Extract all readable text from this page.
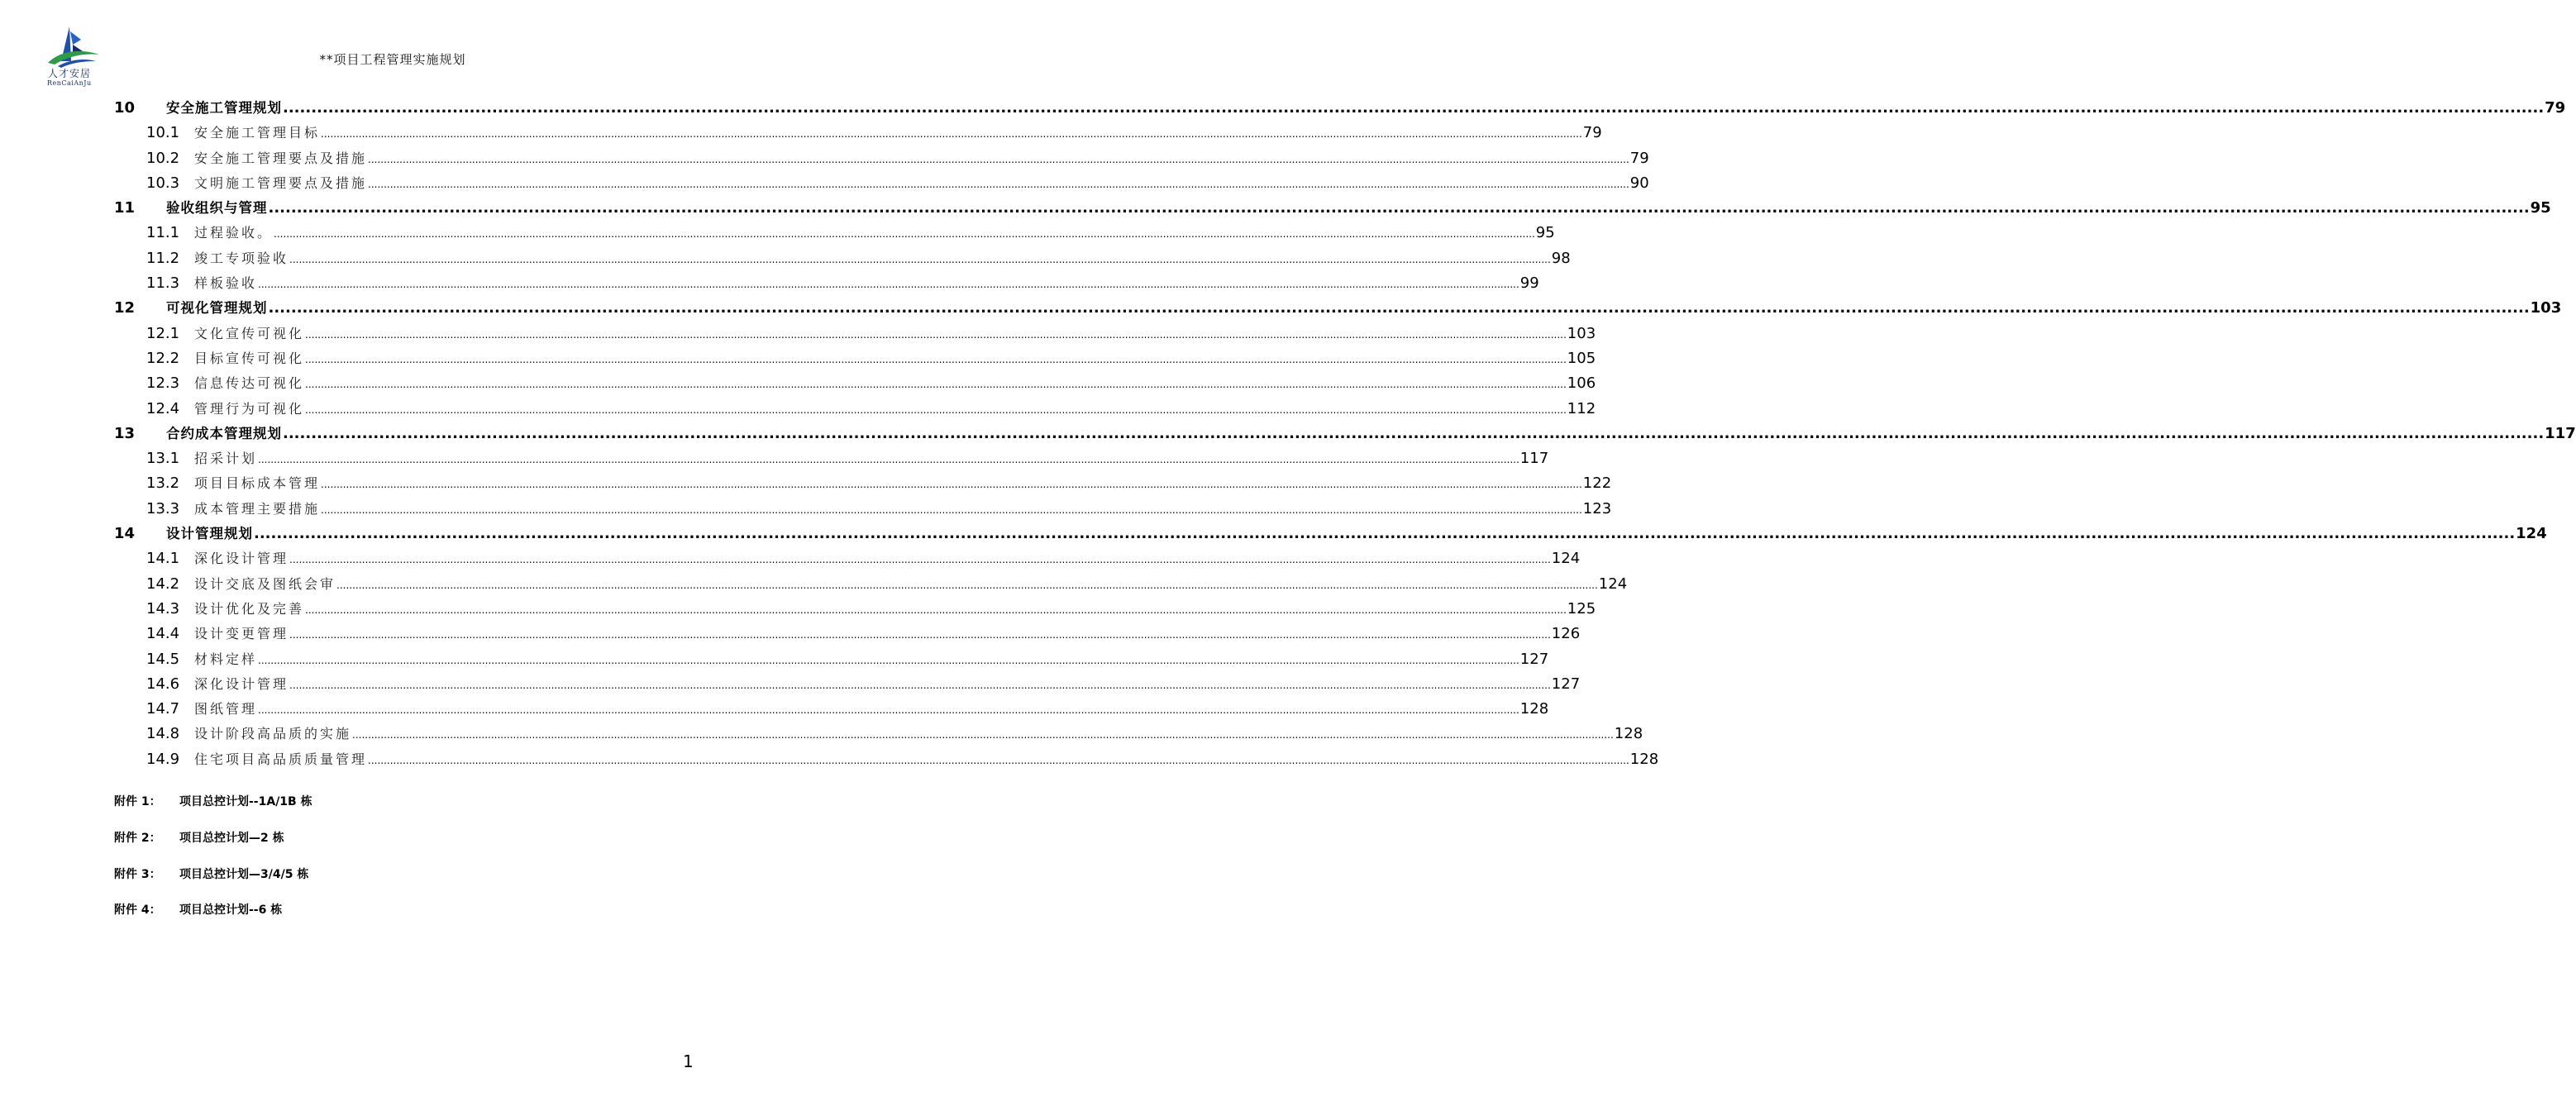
人才安居
RenCaiAnJu
**项目工程管理实施规划
10	安全施工管理规划 ................................................................................................................................................................................................................................................................................................................................................................................................................ 79
10.1	安全施工管理目标 ................................................................................................................................................................................................................................................................................................................................................................................................................ 79
10.2	安全施工管理要点及措施 ................................................................................................................................................................................................................................................................................................................................................................................................................ 79
10.3	文明施工管理要点及措施 ................................................................................................................................................................................................................................................................................................................................................................................................................ 90
11	验收组织与管理 ................................................................................................................................................................................................................................................................................................................................................................................................................ 95
11.1	过程验收。 ................................................................................................................................................................................................................................................................................................................................................................................................................ 95
11.2	竣工专项验收 ................................................................................................................................................................................................................................................................................................................................................................................................................ 98
11.3	样板验收 ................................................................................................................................................................................................................................................................................................................................................................................................................ 99
12	可视化管理规划 ................................................................................................................................................................................................................................................................................................................................................................................................................ 103
12.1	文化宣传可视化 ................................................................................................................................................................................................................................................................................................................................................................................................................ 103
12.2	目标宣传可视化 ................................................................................................................................................................................................................................................................................................................................................................................................................ 105
12.3	信息传达可视化 ................................................................................................................................................................................................................................................................................................................................................................................................................ 106
12.4	管理行为可视化 ................................................................................................................................................................................................................................................................................................................................................................................................................ 112
13	合约成本管理规划 ................................................................................................................................................................................................................................................................................................................................................................................................................ 117
13.1	招采计划 ................................................................................................................................................................................................................................................................................................................................................................................................................ 117
13.2	项目目标成本管理 ................................................................................................................................................................................................................................................................................................................................................................................................................ 122
13.3	成本管理主要措施 ................................................................................................................................................................................................................................................................................................................................................................................................................ 123
14	设计管理规划 ................................................................................................................................................................................................................................................................................................................................................................................................................ 124
14.1	深化设计管理 ................................................................................................................................................................................................................................................................................................................................................................................................................ 124
14.2	设计交底及图纸会审 ................................................................................................................................................................................................................................................................................................................................................................................................................ 124
14.3	设计优化及完善 ................................................................................................................................................................................................................................................................................................................................................................................................................ 125
14.4	设计变更管理 ................................................................................................................................................................................................................................................................................................................................................................................................................ 126
14.5	材料定样 ................................................................................................................................................................................................................................................................................................................................................................................................................ 127
14.6	深化设计管理 ................................................................................................................................................................................................................................................................................................................................................................................................................ 127
14.7	图纸管理 ................................................................................................................................................................................................................................................................................................................................................................................................................ 128
14.8	设计阶段高品质的实施 ................................................................................................................................................................................................................................................................................................................................................................................................................ 128
14.9	住宅项目高品质质量管理 ................................................................................................................................................................................................................................................................................................................................................................................................................ 128
附件 1： 项目总控计划--1A/1B 栋
附件 2： 项目总控计划—2 栋
附件 3： 项目总控计划—3/4/5 栋
附件 4： 项目总控计划--6 栋
1
